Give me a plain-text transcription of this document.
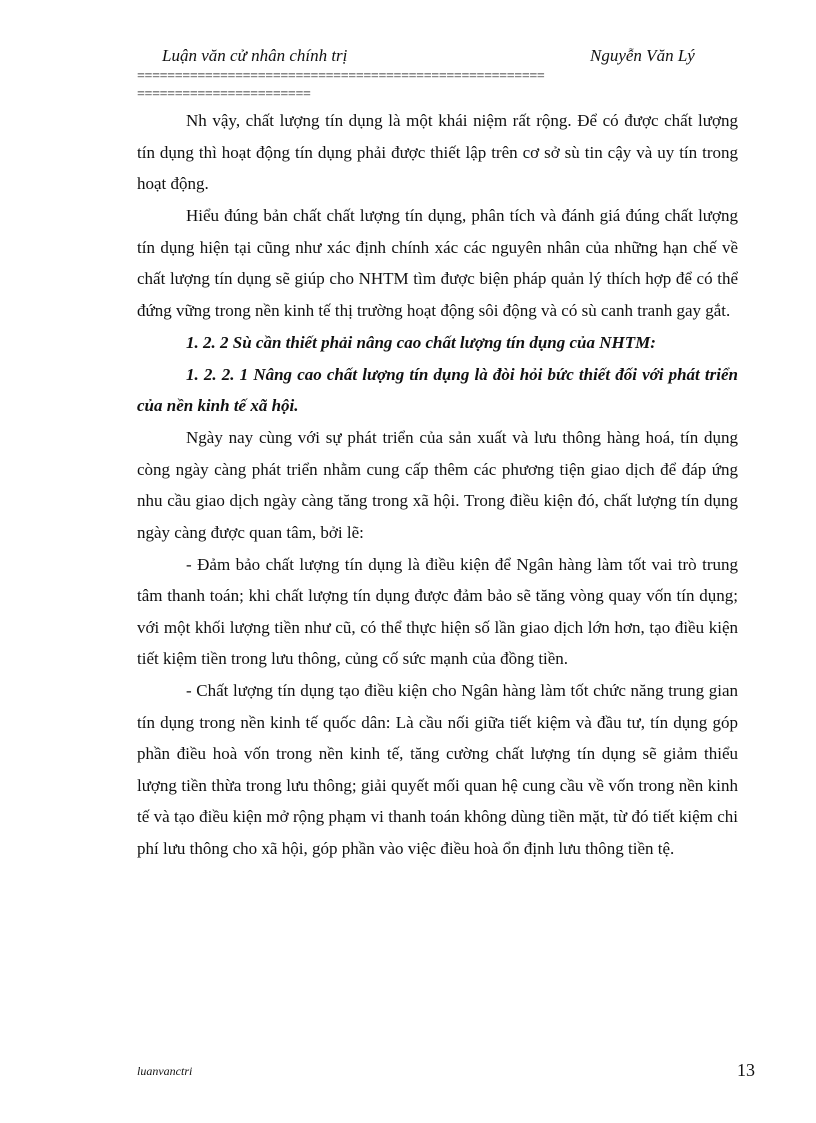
Luận văn cử nhân chính trị	Nguyễn Văn Lý
======================================================
=======================

Nh vậy, chất lượng tín dụng là một khái niệm rất rộng. Để có được chất lượng tín dụng thì hoạt động tín dụng phải được thiết lập trên cơ sở sù tin cậy và uy tín trong hoạt động.

Hiểu đúng bản chất chất lượng tín dụng, phân tích và đánh giá đúng chất lượng tín dụng hiện tại cũng như xác định chính xác các nguyên nhân của những hạn chế về chất lượng tín dụng sẽ giúp cho NHTM tìm được biện pháp quản lý thích hợp để có thể đứng vững trong nền kinh tế thị trường hoạt động sôi động và có sù canh tranh gay gắt.

1. 2. 2 Sù cần thiết phải nâng cao chất lượng tín dụng của NHTM:

1. 2. 2. 1 Nâng cao chất lượng tín dụng là đòi hỏi bức thiết đối với phát triển của nền kinh tế xã hội.

Ngày nay cùng với sự phát triển của sản xuất và lưu thông hàng hoá, tín dụng còng ngày càng phát triển nhằm cung cấp thêm các phương tiện giao dịch để đáp ứng nhu cầu giao dịch ngày càng tăng trong xã hội. Trong điều kiện đó, chất lượng tín dụng ngày càng được quan tâm, bởi lẽ:

- Đảm bảo chất lượng tín dụng là điều kiện để Ngân hàng làm tốt vai trò trung tâm thanh toán; khi chất lượng tín dụng được đảm bảo sẽ tăng vòng quay vốn tín dụng; với một khối lượng tiền như cũ, có thể thực hiện số lần giao dịch lớn hơn, tạo điều kiện tiết kiệm tiền trong lưu thông, củng cố sức mạnh của đồng tiền.

- Chất lượng tín dụng tạo điều kiện cho Ngân hàng làm tốt chức năng trung gian tín dụng trong nền kinh tế quốc dân: Là cầu nối giữa tiết kiệm và đầu tư, tín dụng góp phần điều hoà vốn trong nền kinh tế, tăng cường chất lượng tín dụng sẽ giảm thiểu lượng tiền thừa trong lưu thông; giải quyết mối quan hệ cung cầu về vốn trong nền kinh tế và tạo điều kiện mở rộng phạm vi thanh toán không dùng tiền mặt, từ đó tiết kiệm chi phí lưu thông cho xã hội, góp phần vào việc điều hoà ổn định lưu thông tiền tệ.

luanvanctri	13
